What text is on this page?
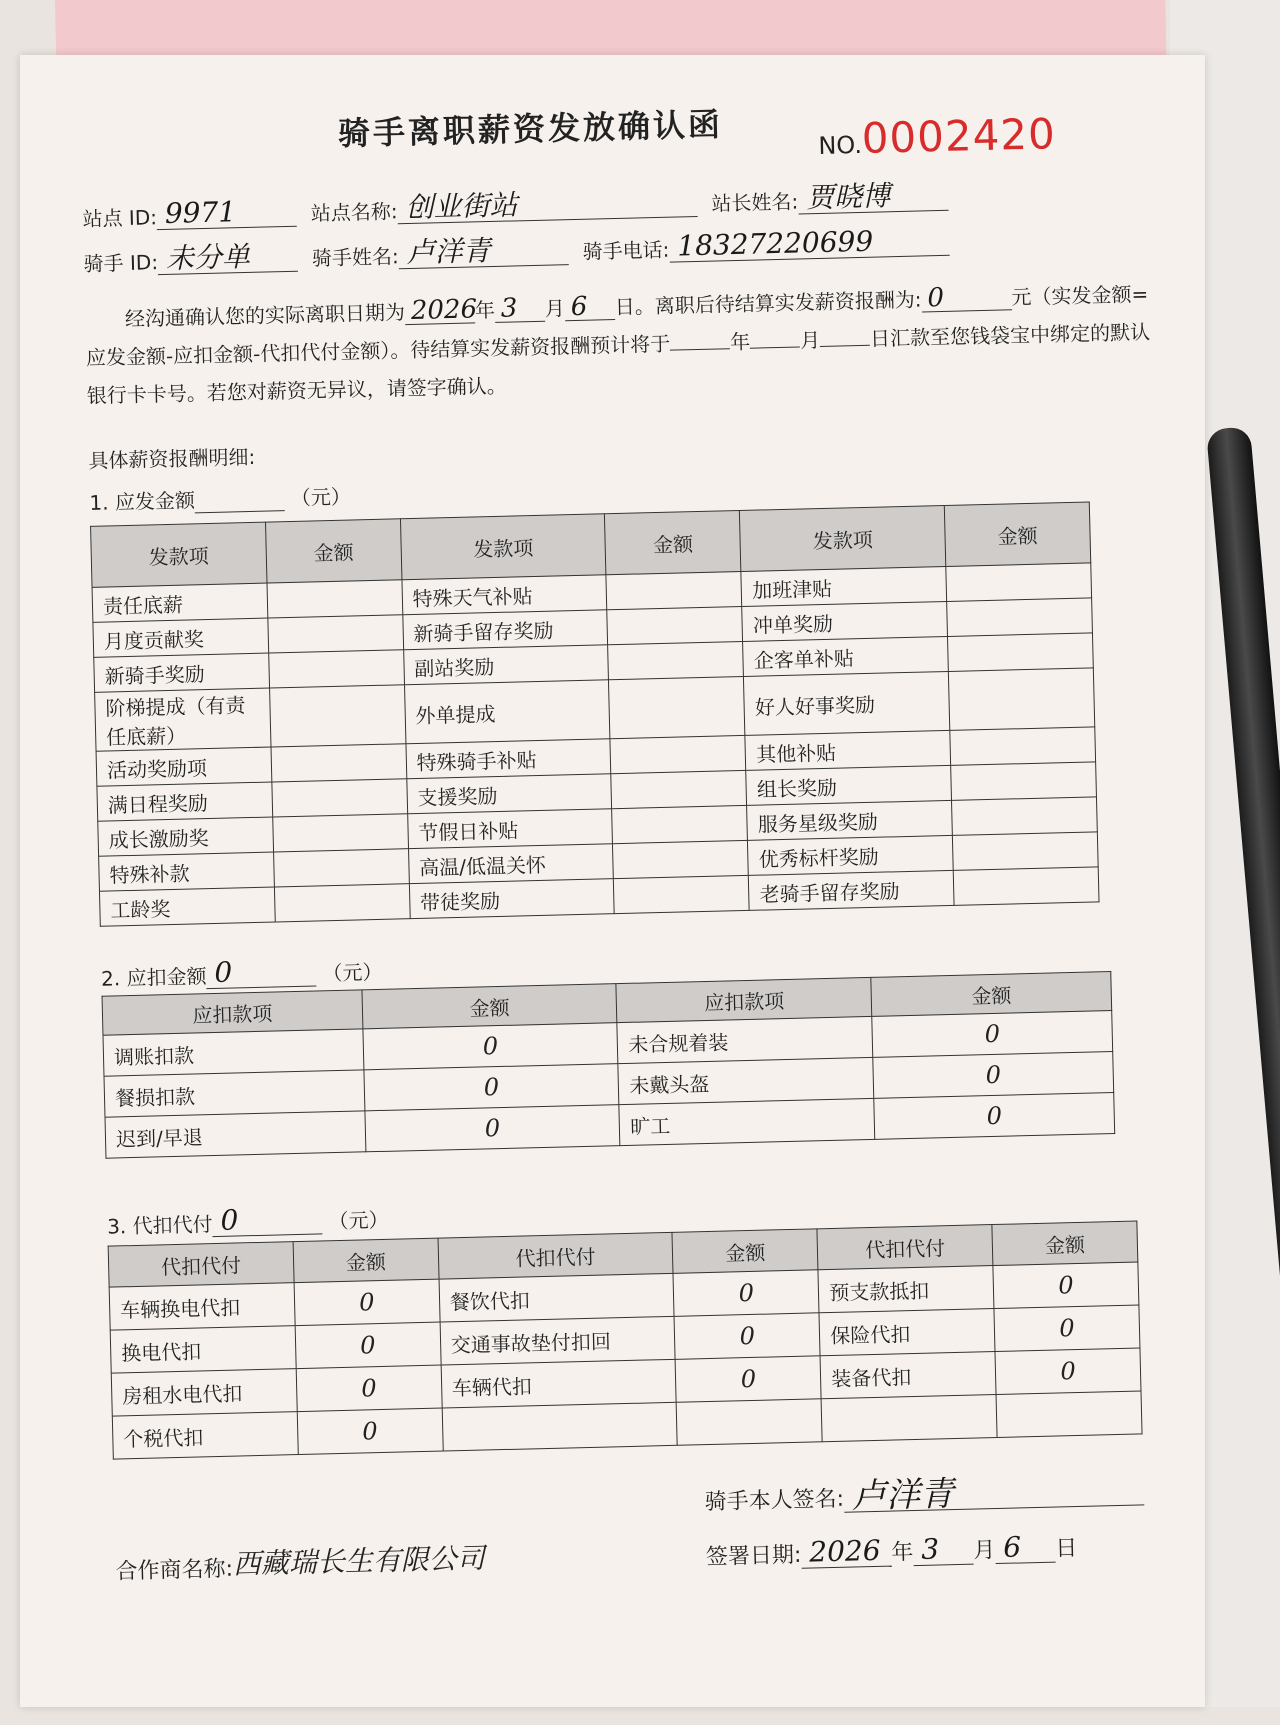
骑手离职薪资发放确认函	NO.0002420
站点 ID: 9971	站点名称: 创业街站	站长姓名: 贾晓博
骑手 ID: 未分单	骑手姓名: 卢洋青	骑手电话: 18327220699
经沟通确认您的实际离职日期为 2026年 3 月 6 日。离职后待结算实发薪资报酬为: 0	元（实发金额=应发金额-应扣金额-代扣代付金额）。待结算实发薪资报酬预计将于	年 月 日汇款至您钱袋宝中绑定的默认银行卡卡号。若您对薪资无异议，请签字确认。
具体薪资报酬明细:
1. 应发金额	（元）
发款项	金额	发款项	金额	发款项	金额
责任底薪		特殊天气补贴		加班津贴	
月度贡献奖		新骑手留存奖励		冲单奖励	
新骑手奖励		副站奖励		企客单补贴	
阶梯提成（有责任底薪）		外单提成		好人好事奖励	
活动奖励项		特殊骑手补贴		其他补贴	
满日程奖励		支援奖励		组长奖励	
成长激励奖		节假日补贴		服务星级奖励	
特殊补款		高温/低温关怀		优秀标杆奖励	
工龄奖		带徒奖励		老骑手留存奖励	
2. 应扣金额 0	（元）
应扣款项	金额	应扣款项	金额
调账扣款	0	未合规着装	0
餐损扣款	0	未戴头盔	0
迟到/早退	0	旷工	0
3. 代扣代付 0	（元）
代扣代付	金额	代扣代付	金额	代扣代付	金额
车辆换电代扣	0	餐饮代扣	0	预支款抵扣	0
换电代扣	0	交通事故垫付扣回	0	保险代扣	0
房租水电代扣	0	车辆代扣	0	装备代扣	0
个税代扣	0				
合作商名称: 西藏瑞长生有限公司
骑手本人签名: 卢洋青
签署日期: 2026 年 3	月 6	日
